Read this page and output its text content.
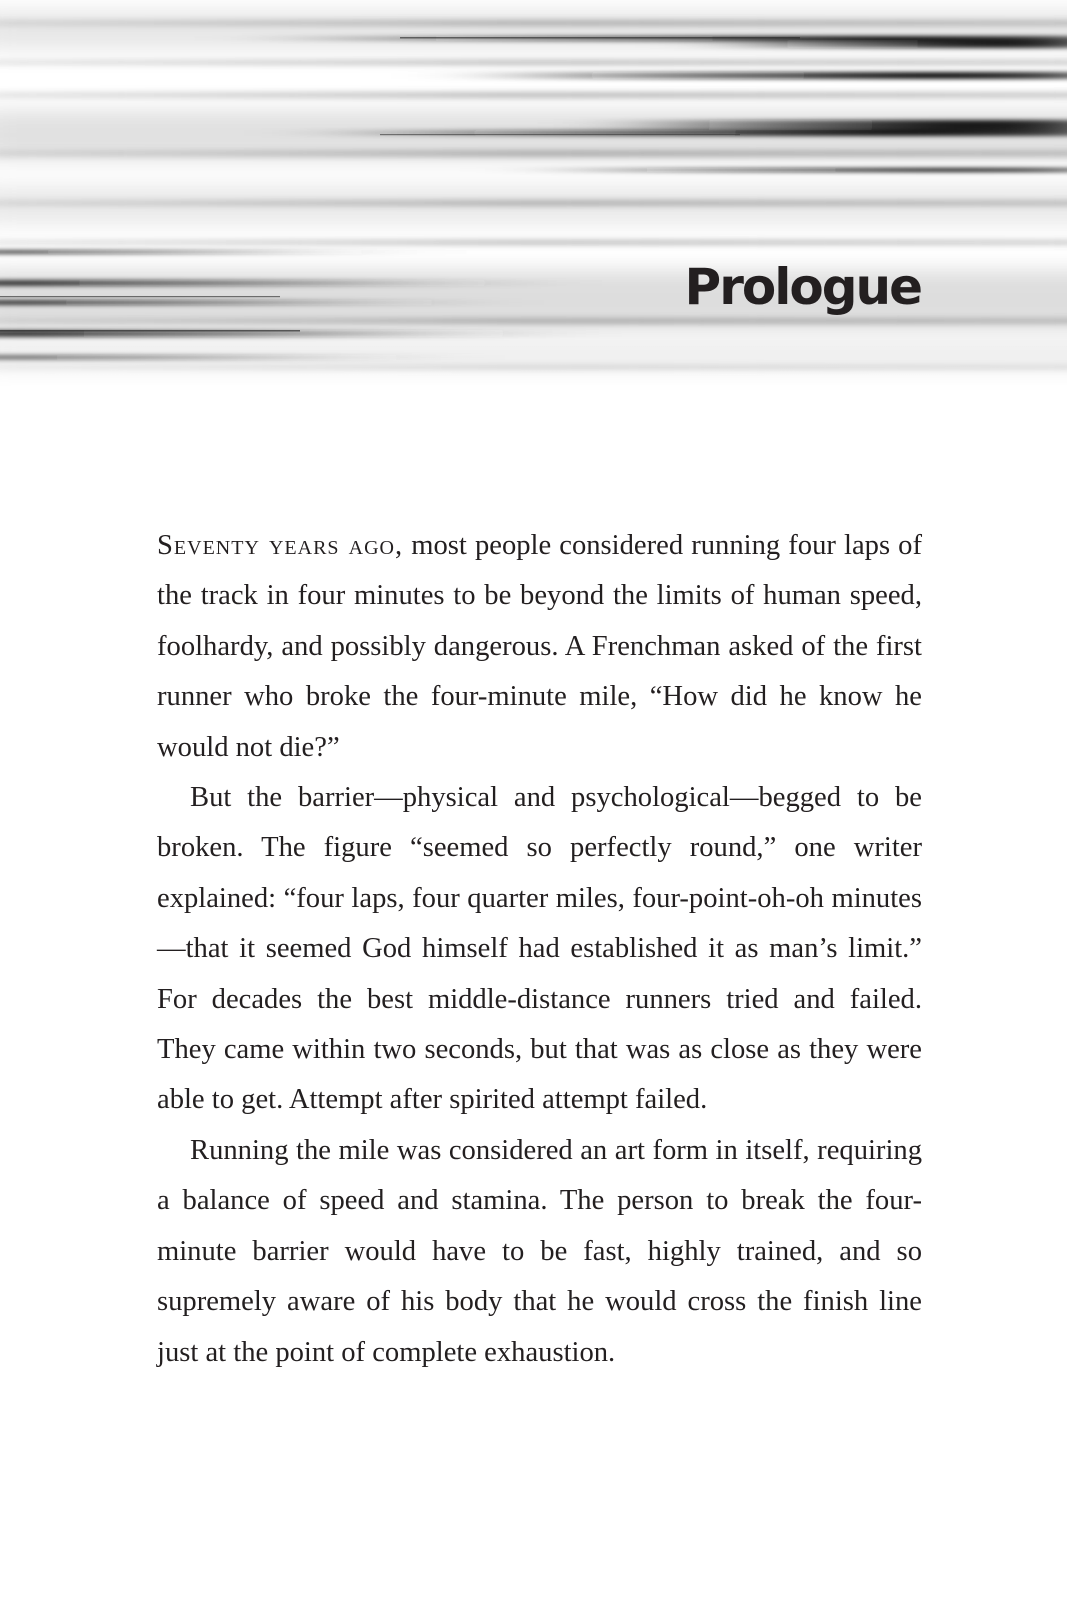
Prologue

Seventy years ago, most people considered running four laps of the track in four minutes to be beyond the limits of human speed, foolhardy, and possibly dangerous. A Frenchman asked of the first runner who broke the four-minute mile, “How did he know he would not die?”

But the barrier—physical and psychological—begged to be broken. The figure “seemed so perfectly round,” one writer explained: “four laps, four quarter miles, four-point-oh-oh minutes—that it seemed God himself had established it as man’s limit.” For decades the best middle-distance runners tried and failed. They came within two seconds, but that was as close as they were able to get. Attempt after spirited attempt failed.

Running the mile was considered an art form in itself, requiring a balance of speed and stamina. The person to break the four-minute barrier would have to be fast, highly trained, and so supremely aware of his body that he would cross the finish line just at the point of complete exhaustion.
